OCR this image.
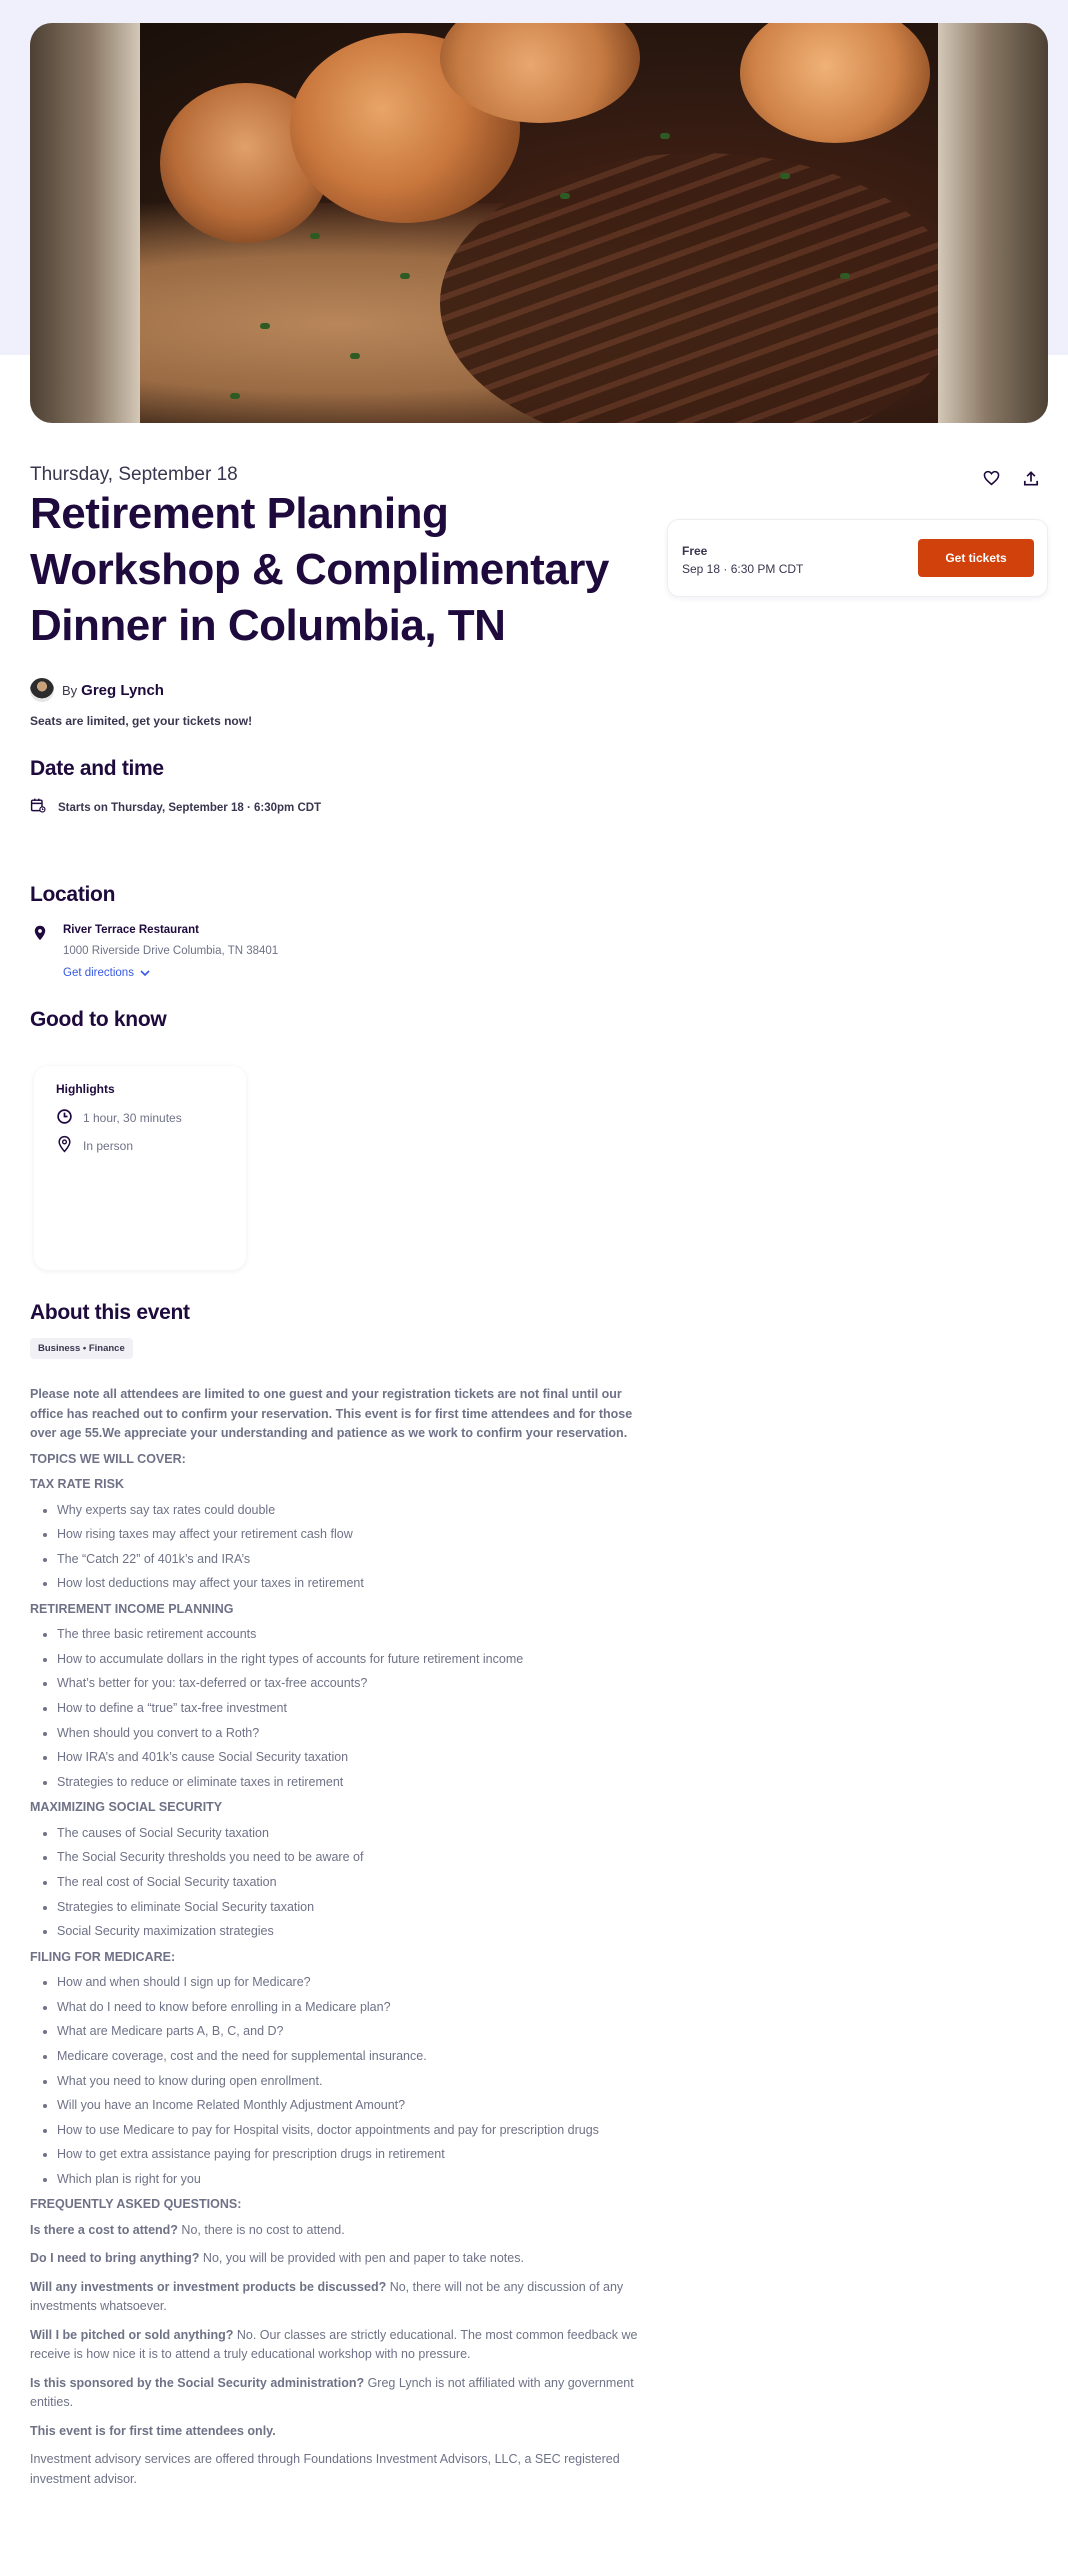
Thursday, September 18
Retirement Planning Workshop & Complimentary Dinner in Columbia, TN
Free
Sep 18 · 6:30 PM CDT
Get tickets
By Greg Lynch
Seats are limited, get your tickets now!
Date and time
Starts on Thursday, September 18 · 6:30pm CDT
Location
River Terrace Restaurant
1000 Riverside Drive Columbia, TN 38401
Get directions
Good to know
Highlights
1 hour, 30 minutes
In person
About this event
Business • Finance
Please note all attendees are limited to one guest and your registration tickets are not final until our office has reached out to confirm your reservation. This event is for first time attendees and for those over age 55.We appreciate your understanding and patience as we work to confirm your reservation.
TOPICS WE WILL COVER:
TAX RATE RISK
• Why experts say tax rates could double
• How rising taxes may affect your retirement cash flow
• The “Catch 22” of 401k’s and IRA’s
• How lost deductions may affect your taxes in retirement
RETIREMENT INCOME PLANNING
• The three basic retirement accounts
• How to accumulate dollars in the right types of accounts for future retirement income
• What’s better for you: tax-deferred or tax-free accounts?
• How to define a “true” tax-free investment
• When should you convert to a Roth?
• How IRA’s and 401k’s cause Social Security taxation
• Strategies to reduce or eliminate taxes in retirement
MAXIMIZING SOCIAL SECURITY
• The causes of Social Security taxation
• The Social Security thresholds you need to be aware of
• The real cost of Social Security taxation
• Strategies to eliminate Social Security taxation
• Social Security maximization strategies
FILING FOR MEDICARE:
• How and when should I sign up for Medicare?
• What do I need to know before enrolling in a Medicare plan?
• What are Medicare parts A, B, C, and D?
• Medicare coverage, cost and the need for supplemental insurance.
• What you need to know during open enrollment.
• Will you have an Income Related Monthly Adjustment Amount?
• How to use Medicare to pay for Hospital visits, doctor appointments and pay for prescription drugs
• How to get extra assistance paying for prescription drugs in retirement
• Which plan is right for you
FREQUENTLY ASKED QUESTIONS:

Is there a cost to attend? No, there is no cost to attend.

Do I need to bring anything? No, you will be provided with pen and paper to take notes.

Will any investments or investment products be discussed? No, there will not be any discussion of any investments whatsoever.

Will I be pitched or sold anything? No. Our classes are strictly educational. The most common feedback we receive is how nice it is to attend a truly educational workshop with no pressure.

Is this sponsored by the Social Security administration? Greg Lynch is not affiliated with any government entities.

This event is for first time attendees only.

Investment advisory services are offered through Foundations Investment Advisors, LLC, a SEC registered investment advisor.
